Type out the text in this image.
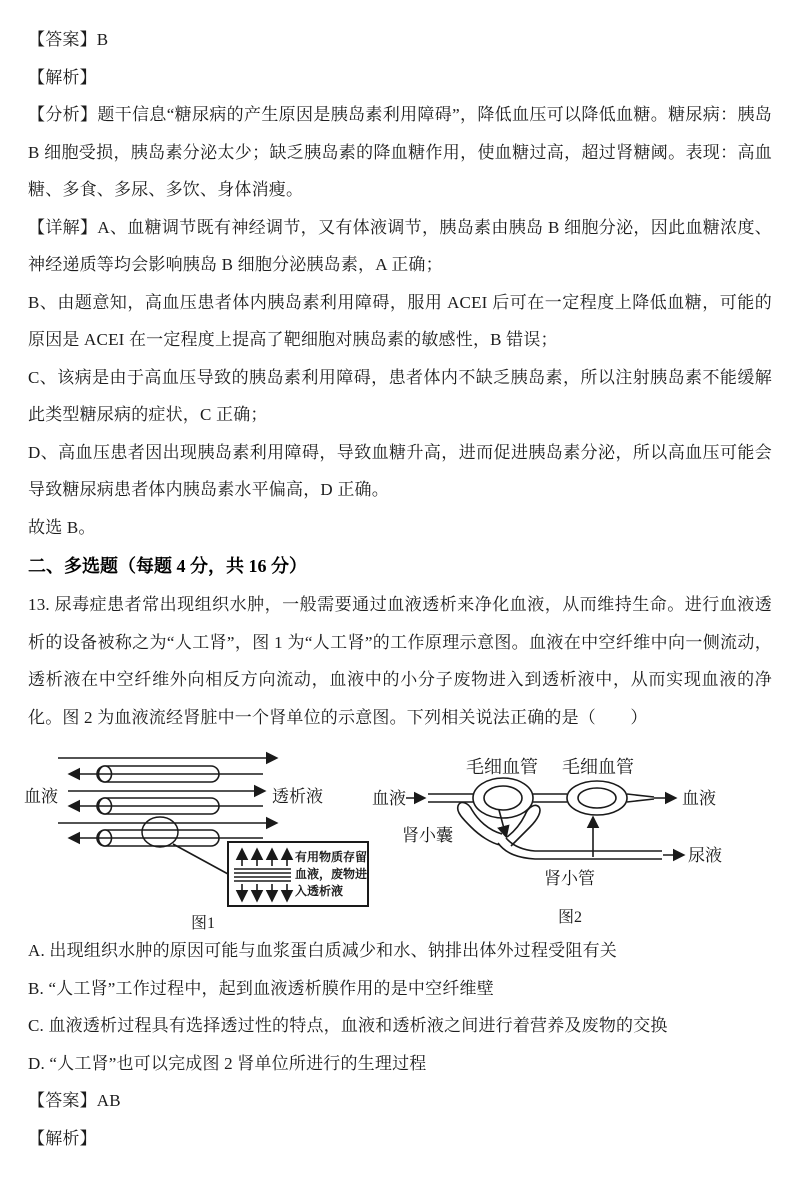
【答案】B

【解析】

【分析】题干信息“糖尿病的产生原因是胰岛素利用障碍”，降低血压可以降低血糖。糖尿病：胰岛 B 细胞受损，胰岛素分泌太少；缺乏胰岛素的降血糖作用，使血糖过高，超过肾糖阈。表现：高血糖、多食、多尿、多饮、身体消瘦。

【详解】A、血糖调节既有神经调节，又有体液调节，胰岛素由胰岛 B 细胞分泌，因此血糖浓度、神经递质等均会影响胰岛 B 细胞分泌胰岛素，A 正确；

B、由题意知，高血压患者体内胰岛素利用障碍，服用 ACEI 后可在一定程度上降低血糖，可能的原因是 ACEI 在一定程度上提高了靶细胞对胰岛素的敏感性，B 错误；

C、该病是由于高血压导致的胰岛素利用障碍，患者体内不缺乏胰岛素，所以注射胰岛素不能缓解此类型糖尿病的症状，C 正确；

D、高血压患者因出现胰岛素利用障碍，导致血糖升高，进而促进胰岛素分泌，所以高血压可能会导致糖尿病患者体内胰岛素水平偏高，D 正确。

故选 B。

二、多选题（每题 4 分，共 16 分）

13. 尿毒症患者常出现组织水肿，一般需要通过血液透析来净化血液，从而维持生命。进行血液透析的设备被称之为“人工肾”，图 1 为“人工肾”的工作原理示意图。血液在中空纤维中向一侧流动，透析液在中空纤维外向相反方向流动，血液中的小分子废物进入到透析液中，从而实现血液的净化。图 2 为血液流经肾脏中一个肾单位的示意图。下列相关说法正确的是（　　）

血液	透析液
有用物质存留
血液，废物进
入透析液
图1
毛细血管 毛细血管
血液	血液
肾小囊
肾小管
尿液
图2

A. 出现组织水肿的原因可能与血浆蛋白质减少和水、钠排出体外过程受阻有关

B. “人工肾”工作过程中，起到血液透析膜作用的是中空纤维壁

C. 血液透析过程具有选择透过性的特点，血液和透析液之间进行着营养及废物的交换

D. “人工肾”也可以完成图 2 肾单位所进行的生理过程

【答案】AB

【解析】
